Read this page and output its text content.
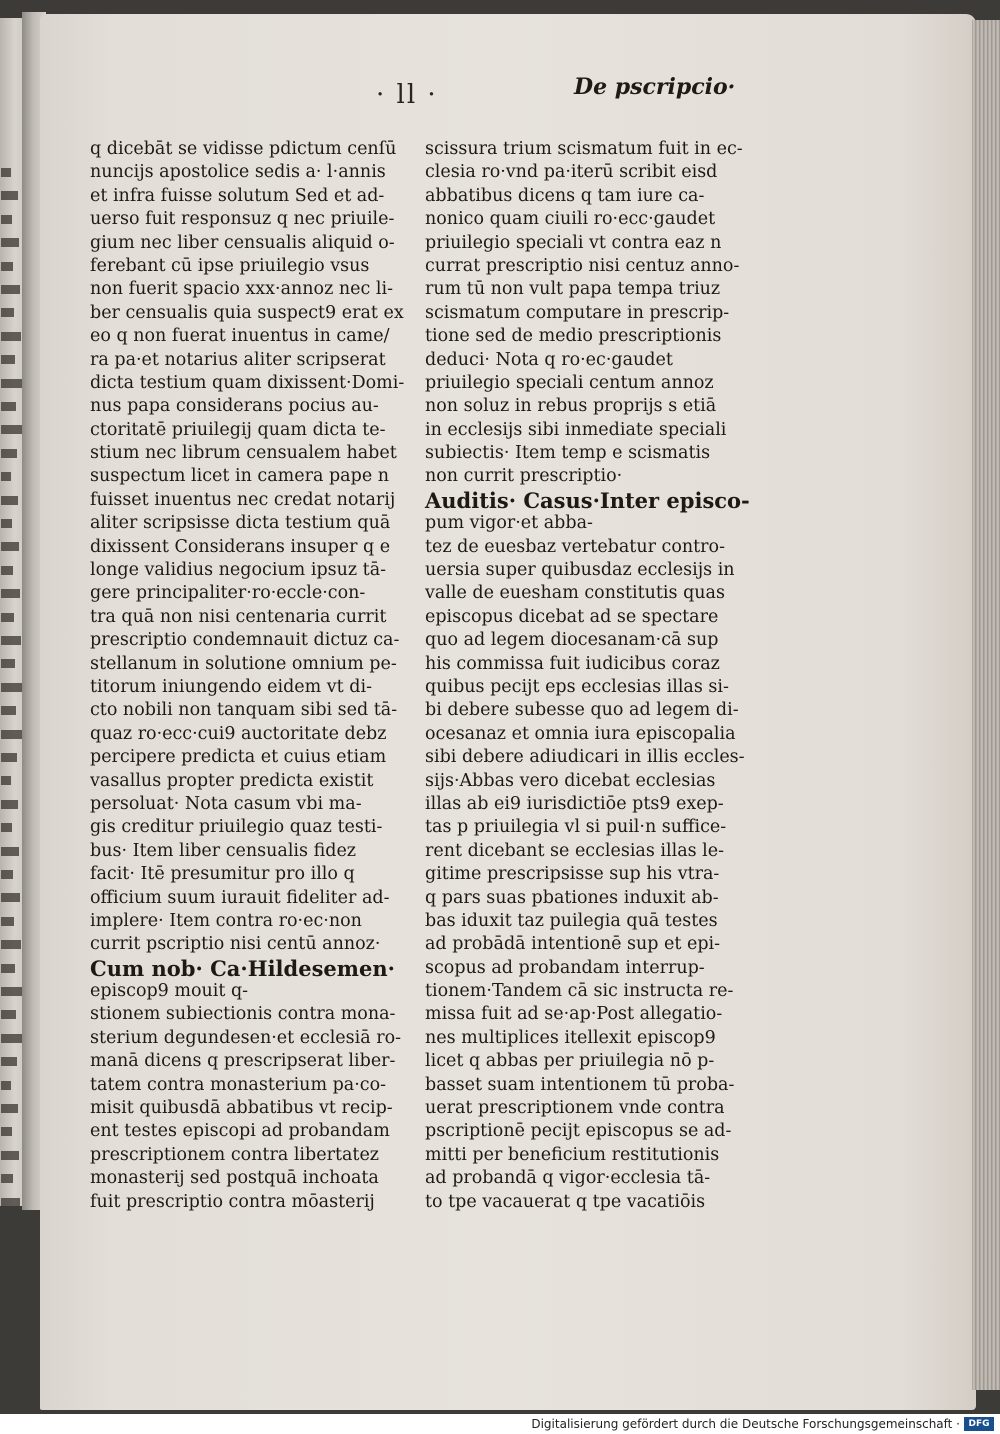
· ll ·	De pscripcio·
q dicebāt se vidisse pdictum cenſū
nuncijs apostolice sedis a· l·annis
et infra fuisse solutum Sed et ad-
uerso fuit responsuz q nec priuile-
gium nec liber censualis aliquid o-
ferebant cū ipse priuilegio vsus
non fuerit spacio xxx·annoz nec li-
ber censualis quia suspect9 erat ex
eo q non fuerat inuentus in came/
ra pa·et notarius aliter scripserat
dicta testium quam dixissent·Domi-
nus papa considerans pocius au-
ctoritatē priuilegij quam dicta te-
stium nec librum censualem habet
suspectum licet in camera pape n
fuisset inuentus nec credat notarij
aliter scripsisse dicta testium quā
dixissent Considerans insuper q e
longe validius negocium ipsuz tā-
gere principaliter·ro·eccle·con-
tra quā non nisi centenaria currit
prescriptio condemnauit dictuz ca-
stellanum in solutione omnium pe-
titorum iniungendo eidem vt di-
cto nobili non tanquam sibi sed tā-
quaz ro·ecc·cui9 auctoritate debz
percipere predicta et cuius etiam
vasallus propter predicta existit
persoluat· Nota casum vbi ma-
gis creditur priuilegio quaz testi-
bus· Item liber censualis fidez
facit· Itē presumitur pro illo q
officium suum iurauit fideliter ad-
implere· Item contra ro·ec·non
currit pscriptio nisi centū annoz·
Cum nob· Ca·Hildesemen·
episcop9 mouit q-
stionem subiectionis contra mona-
sterium degundesen·et ecclesiā ro-
manā dicens q prescripserat liber-
tatem contra monasterium pa·co-
misit quibusdā abbatibus vt recip-
ent testes episcopi ad probandam
prescriptionem contra libertatez
monasterij sed postquā inchoata
fuit prescriptio contra mōasterij
scissura trium scismatum fuit in ec-
clesia ro·vnd pa·iterū scribit eisd
abbatibus dicens q tam iure ca-
nonico quam ciuili ro·ecc·gaudet
priuilegio speciali vt contra eaz n
currat prescriptio nisi centuz anno-
rum tū non vult papa tempa triuz
scismatum computare in prescrip-
tione sed de medio prescriptionis
deduci· Nota q ro·ec·gaudet
priuilegio speciali centum annoz
non soluz in rebus proprijs s etiā
in ecclesijs sibi inmediate speciali
subiectis· Item temp e scismatis
non currit prescriptio·
Auditis· Casus·Inter episco-
pum vigor·et abba-
tez de euesbaz vertebatur contro-
uersia super quibusdaz ecclesijs in
valle de euesham constitutis quas
episcopus dicebat ad se spectare
quo ad legem diocesanam·cā sup
his commissa fuit iudicibus coraz
quibus pecijt eps ecclesias illas si-
bi debere subesse quo ad legem di-
ocesanaz et omnia iura episcopalia
sibi debere adiudicari in illis eccles-
sijs·Abbas vero dicebat ecclesias
illas ab ei9 iurisdictiōe pts9 exep-
tas p priuilegia vl si puil·n suffice-
rent dicebant se ecclesias illas le-
gitime prescripsisse sup his vtra-
q pars suas pbationes induxit ab-
bas iduxit taz puilegia quā testes
ad probādā intentionē sup et epi-
scopus ad probandam interrup-
tionem·Tandem cā sic instructa re-
missa fuit ad se·ap·Post allegatio-
nes multiplices itellexit episcop9
licet q abbas per priuilegia nō p-
basset suam intentionem tū proba-
uerat prescriptionem vnde contra
pscriptionē pecijt episcopus se ad-
mitti per beneficium restitutionis
ad probandā q vigor·ecclesia tā-
to tpe vacauerat q tpe vacatiōis
Digitalisierung gefördert durch die Deutsche Forschungsgemeinschaft · DFG
